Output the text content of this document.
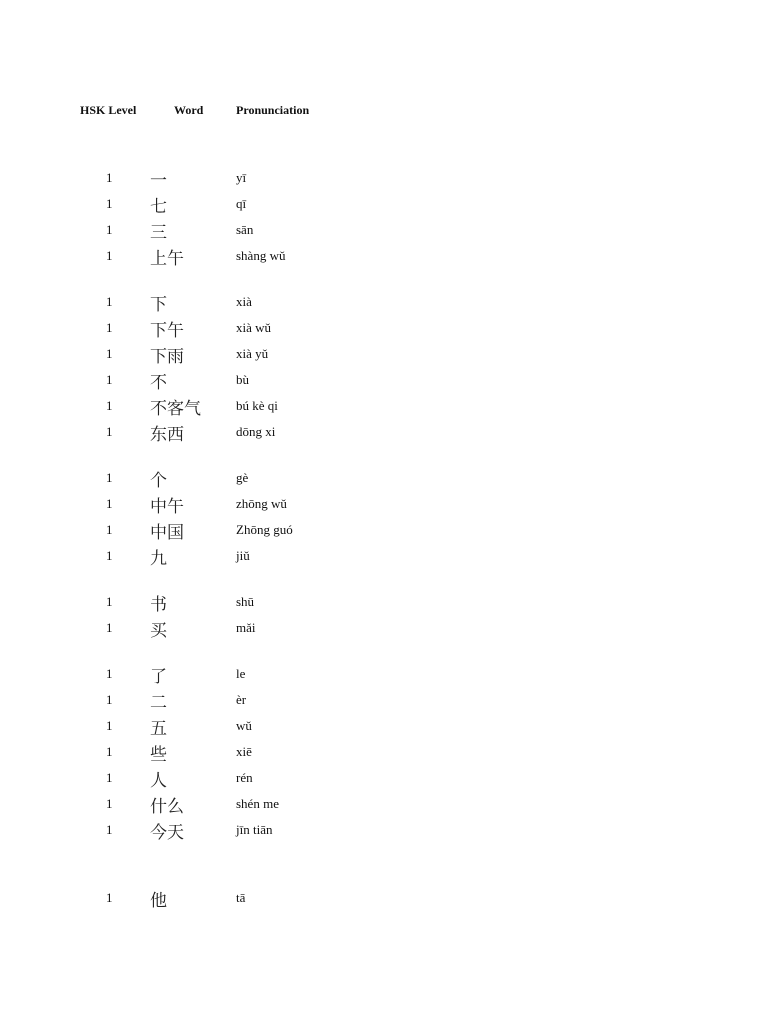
HSK Level	Word	Pronunciation
1 一	yī
1 七	qī
1 三	sān
1 上午	shàng wǔ
1 下	xià
1 下午	xià wǔ
1 下雨	xià yǔ
1 不	bù
1 不客气	bú kè qi
1 东西	dōng xi
1 个	gè
1 中午	zhōng wǔ
1 中国	Zhōng guó
1 九	jiǔ
1 书	shū
1 买	mǎi
1 了	le
1 二	èr
1 五	wǔ
1 些	xiē
1 人	rén
1 什么	shén me
1 今天	jīn tiān
1 他	tā
